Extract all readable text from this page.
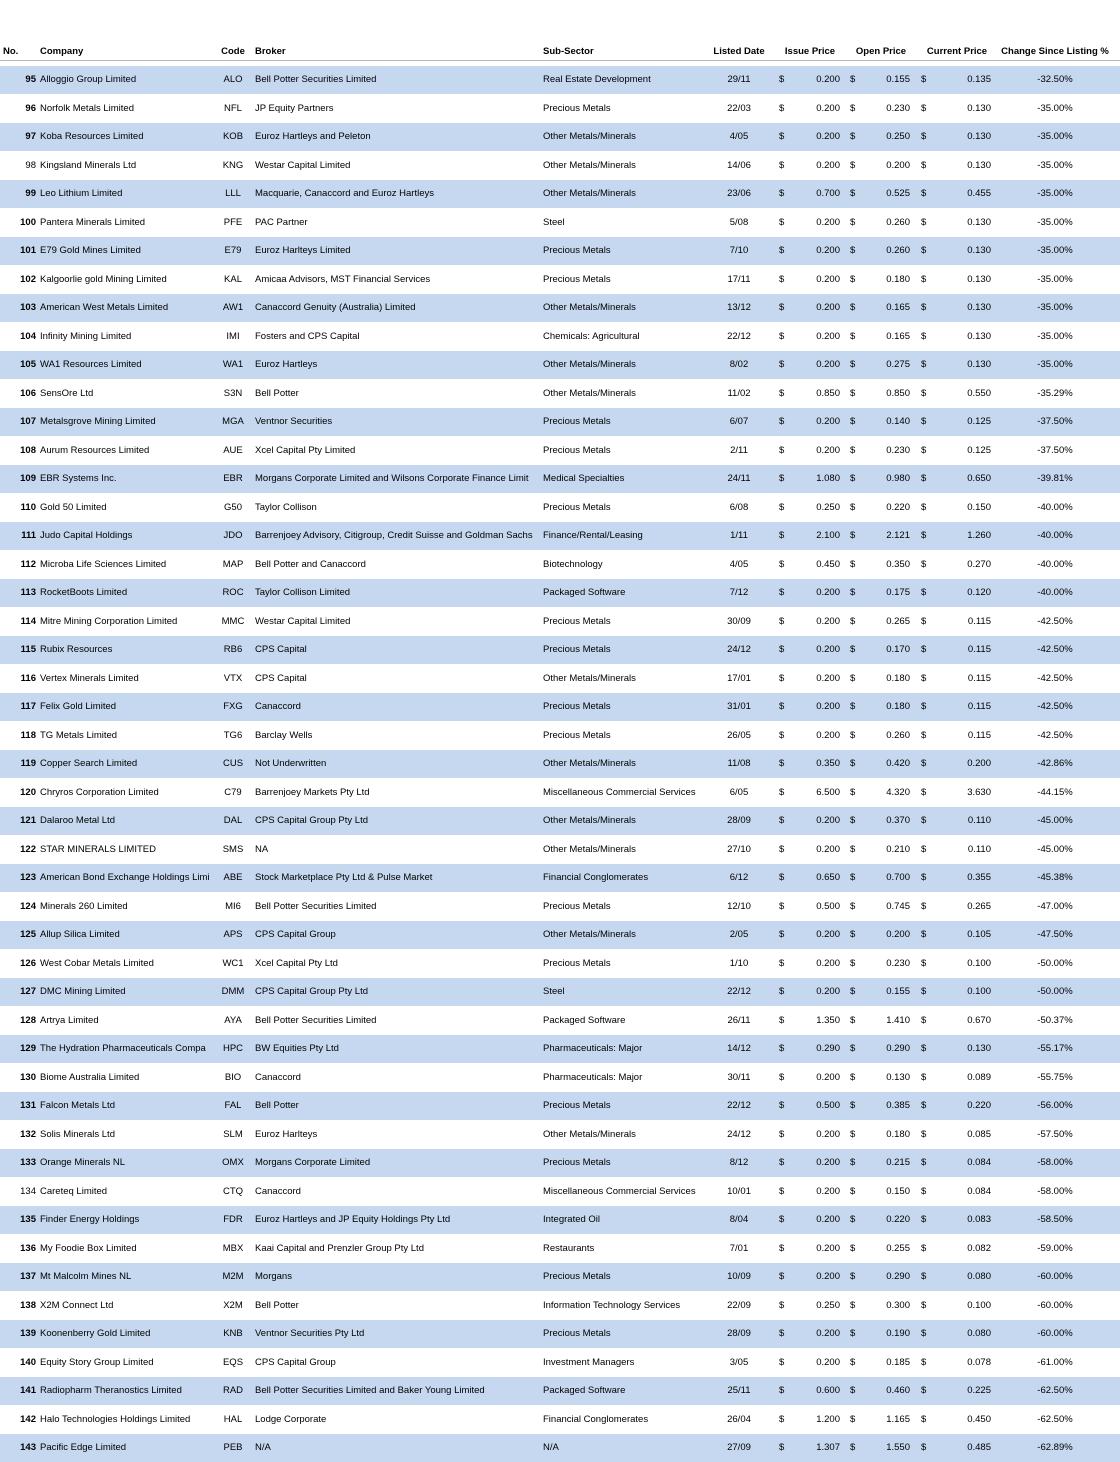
No.	Company	Code	Broker	Sub-Sector	Listed Date	Issue Price	Open Price	Current Price	Change Since Listing %
95 Alloggio Group Limited	ALO	Bell Potter Securities Limited	Real Estate Development	29/11	$	0.200 $	0.155 $	0.135	-32.50%
96 Norfolk Metals Limited	NFL	JP Equity Partners	Precious Metals	22/03	$	0.200 $	0.230 $	0.130	-35.00%
97 Koba Resources Limited	KOB	Euroz Hartleys and Peleton	Other Metals/Minerals	4/05	$	0.200 $	0.250 $	0.130	-35.00%
98 Kingsland Minerals Ltd	KNG	Westar Capital Limited	Other Metals/Minerals	14/06	$	0.200 $	0.200 $	0.130	-35.00%
99 Leo Lithium Limited	LLL	Macquarie, Canaccord and Euroz Hartleys	Other Metals/Minerals	23/06	$	0.700 $	0.525 $	0.455	-35.00%
100 Pantera Minerals Limited	PFE	PAC Partner	Steel	5/08	$	0.200 $	0.260 $	0.130	-35.00%
101 E79 Gold Mines Limited	E79	Euroz Harlteys Limited	Precious Metals	7/10	$	0.200 $	0.260 $	0.130	-35.00%
102 Kalgoorlie gold Mining Limited	KAL	Amicaa Advisors, MST Financial Services	Precious Metals	17/11	$	0.200 $	0.180 $	0.130	-35.00%
103 American West Metals Limited	AW1	Canaccord Genuity (Australia) Limited	Other Metals/Minerals	13/12	$	0.200 $	0.165 $	0.130	-35.00%
104 Infinity Mining Limited	IMI	Fosters and CPS Capital	Chemicals: Agricultural	22/12	$	0.200 $	0.165 $	0.130	-35.00%
105 WA1 Resources Limited	WA1	Euroz Hartleys	Other Metals/Minerals	8/02	$	0.200 $	0.275 $	0.130	-35.00%
106 SensOre Ltd	S3N	Bell Potter	Other Metals/Minerals	11/02	$	0.850 $	0.850 $	0.550	-35.29%
107 Metalsgrove Mining Limited	MGA	Ventnor Securities	Precious Metals	6/07	$	0.200 $	0.140 $	0.125	-37.50%
108 Aurum Resources Limited	AUE	Xcel Capital Pty Limited	Precious Metals	2/11	$	0.200 $	0.230 $	0.125	-37.50%
109 EBR Systems Inc.	EBR	Morgans Corporate Limited and Wilsons Corporate Finance Limit	Medical Specialties	24/11	$	1.080 $	0.980 $	0.650	-39.81%
110 Gold 50 Limited	G50	Taylor Collison	Precious Metals	6/08	$	0.250 $	0.220 $	0.150	-40.00%
111 Judo Capital Holdings	JDO	Barrenjoey Advisory, Citigroup, Credit Suisse and Goldman Sachs	Finance/Rental/Leasing	1/11	$	2.100 $	2.121 $	1.260	-40.00%
112 Microba Life Sciences Limited	MAP	Bell Potter and Canaccord	Biotechnology	4/05	$	0.450 $	0.350 $	0.270	-40.00%
113 RocketBoots Limited	ROC	Taylor Collison Limited	Packaged Software	7/12	$	0.200 $	0.175 $	0.120	-40.00%
114 Mitre Mining Corporation Limited	MMC	Westar Capital Limited	Precious Metals	30/09	$	0.200 $	0.265 $	0.115	-42.50%
115 Rubix Resources	RB6	CPS Capital	Precious Metals	24/12	$	0.200 $	0.170 $	0.115	-42.50%
116 Vertex Minerals Limited	VTX	CPS Capital	Other Metals/Minerals	17/01	$	0.200 $	0.180 $	0.115	-42.50%
117 Felix Gold Limited	FXG	Canaccord	Precious Metals	31/01	$	0.200 $	0.180 $	0.115	-42.50%
118 TG Metals Limited	TG6	Barclay Wells	Precious Metals	26/05	$	0.200 $	0.260 $	0.115	-42.50%
119 Copper Search Limited	CUS	Not Underwritten	Other Metals/Minerals	11/08	$	0.350 $	0.420 $	0.200	-42.86%
120 Chryros Corporation Limited	C79	Barrenjoey Markets Pty Ltd	Miscellaneous Commercial Services	6/05	$	6.500 $	4.320 $	3.630	-44.15%
121 Dalaroo Metal Ltd	DAL	CPS Capital Group Pty Ltd	Other Metals/Minerals	28/09	$	0.200 $	0.370 $	0.110	-45.00%
122 STAR MINERALS LIMITED	SMS	NA	Other Metals/Minerals	27/10	$	0.200 $	0.210 $	0.110	-45.00%
123 American Bond Exchange Holdings Limi	ABE	Stock Marketplace Pty Ltd & Pulse Market	Financial Conglomerates	6/12	$	0.650 $	0.700 $	0.355	-45.38%
124 Minerals 260 Limited	MI6	Bell Potter Securities Limited	Precious Metals	12/10	$	0.500 $	0.745 $	0.265	-47.00%
125 Allup Silica Limited	APS	CPS Capital Group	Other Metals/Minerals	2/05	$	0.200 $	0.200 $	0.105	-47.50%
126 West Cobar Metals Limited	WC1	Xcel Capital Pty Ltd	Precious Metals	1/10	$	0.200 $	0.230 $	0.100	-50.00%
127 DMC Mining Limited	DMM	CPS Capital Group Pty Ltd	Steel	22/12	$	0.200 $	0.155 $	0.100	-50.00%
128 Artrya Limited	AYA	Bell Potter Securities Limited	Packaged Software	26/11	$	1.350 $	1.410 $	0.670	-50.37%
129 The Hydration Pharmaceuticals Compa	HPC	BW Equities Pty Ltd	Pharmaceuticals: Major	14/12	$	0.290 $	0.290 $	0.130	-55.17%
130 Biome Australia Limited	BIO	Canaccord	Pharmaceuticals: Major	30/11	$	0.200 $	0.130 $	0.089	-55.75%
131 Falcon Metals Ltd	FAL	Bell Potter	Precious Metals	22/12	$	0.500 $	0.385 $	0.220	-56.00%
132 Solis Minerals Ltd	SLM	Euroz Harlteys	Other Metals/Minerals	24/12	$	0.200 $	0.180 $	0.085	-57.50%
133 Orange Minerals NL	OMX	Morgans Corporate Limited	Precious Metals	8/12	$	0.200 $	0.215 $	0.084	-58.00%
134 Careteq Limited	CTQ	Canaccord	Miscellaneous Commercial Services	10/01	$	0.200 $	0.150 $	0.084	-58.00%
135 Finder Energy Holdings	FDR	Euroz Hartleys and JP Equity Holdings Pty Ltd	Integrated Oil	8/04	$	0.200 $	0.220 $	0.083	-58.50%
136 My Foodie Box Limited	MBX	Kaai Capital and Prenzler Group Pty Ltd	Restaurants	7/01	$	0.200 $	0.255 $	0.082	-59.00%
137 Mt Malcolm Mines NL	M2M	Morgans	Precious Metals	10/09	$	0.200 $	0.290 $	0.080	-60.00%
138 X2M Connect Ltd	X2M	Bell Potter	Information Technology Services	22/09	$	0.250 $	0.300 $	0.100	-60.00%
139 Koonenberry Gold Limited	KNB	Ventnor Securities Pty Ltd	Precious Metals	28/09	$	0.200 $	0.190 $	0.080	-60.00%
140 Equity Story Group Limited	EQS	CPS Capital Group	Investment Managers	3/05	$	0.200 $	0.185 $	0.078	-61.00%
141 Radiopharm Theranostics Limited	RAD	Bell Potter Securities Limited and Baker Young Limited	Packaged Software	25/11	$	0.600 $	0.460 $	0.225	-62.50%
142 Halo Technologies Holdings Limited	HAL	Lodge Corporate	Financial Conglomerates	26/04	$	1.200 $	1.165 $	0.450	-62.50%
143 Pacific Edge Limited	PEB	N/A	N/A	27/09	$	1.307 $	1.550 $	0.485	-62.89%
